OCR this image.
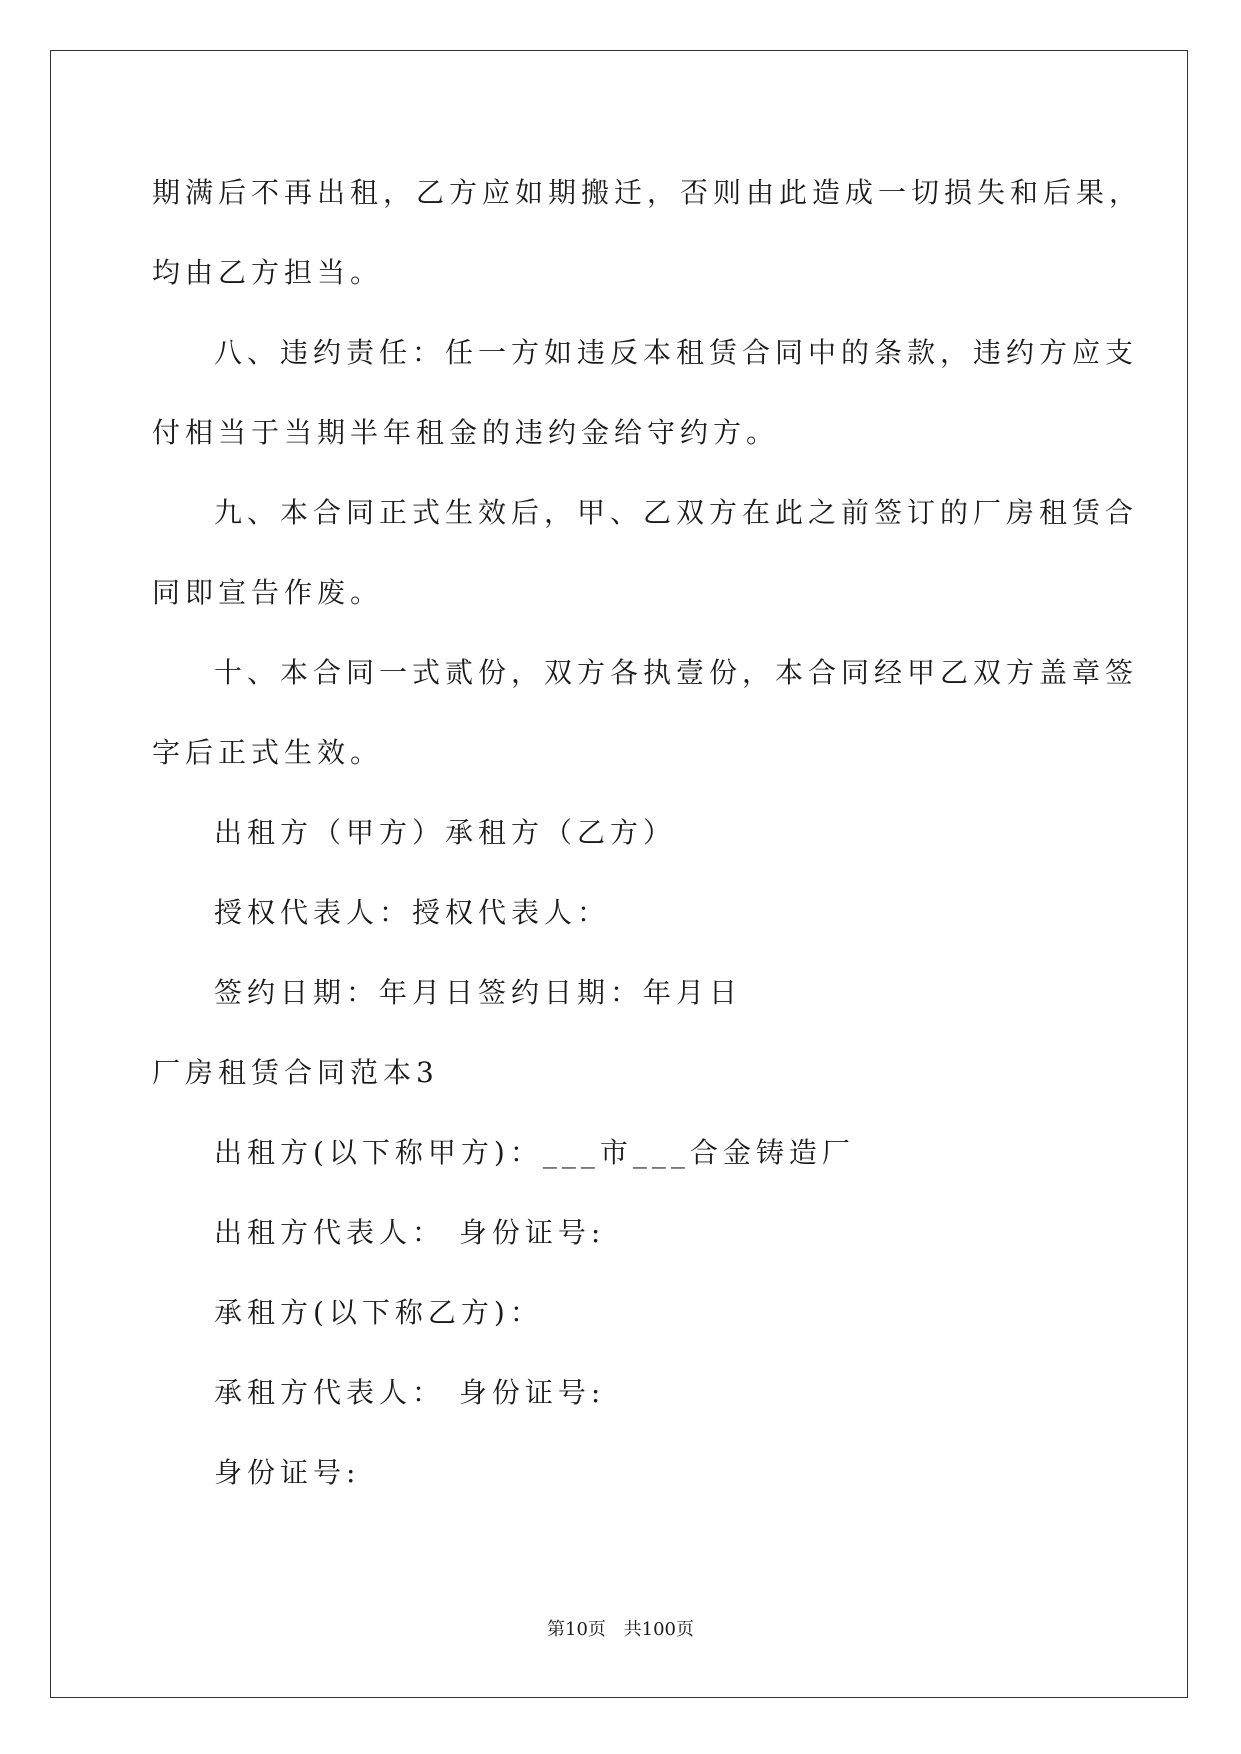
期满后不再出租，乙方应如期搬迁，否则由此造成一切损失和后果，
均由乙方担当。
八、违约责任：任一方如违反本租赁合同中的条款，违约方应支
付相当于当期半年租金的违约金给守约方。
九、本合同正式生效后，甲、乙双方在此之前签订的厂房租赁合
同即宣告作废。
十、本合同一式贰份，双方各执壹份，本合同经甲乙双方盖章签
字后正式生效。
出租方（甲方）承租方（乙方）
授权代表人：授权代表人：
签约日期：年月日签约日期：年月日
厂房租赁合同范本3
出租方(以下称甲方)：___市___合金铸造厂
出租方代表人： 身份证号:
承租方(以下称乙方)：
承租方代表人： 身份证号:
身份证号:
第10页 共100页
